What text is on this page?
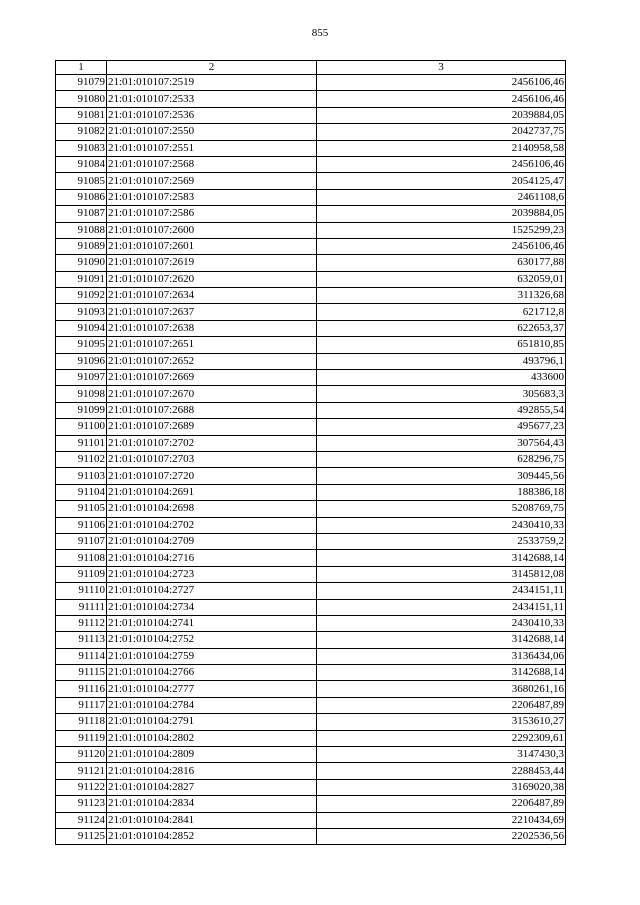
855
1	2	3
91079	21:01:010107:2519	2456106,46
91080	21:01:010107:2533	2456106,46
91081	21:01:010107:2536	2039884,05
91082	21:01:010107:2550	2042737,75
91083	21:01:010107:2551	2140958,58
91084	21:01:010107:2568	2456106,46
91085	21:01:010107:2569	2054125,47
91086	21:01:010107:2583	2461108,6
91087	21:01:010107:2586	2039884,05
91088	21:01:010107:2600	1525299,23
91089	21:01:010107:2601	2456106,46
91090	21:01:010107:2619	630177,88
91091	21:01:010107:2620	632059,01
91092	21:01:010107:2634	311326,68
91093	21:01:010107:2637	621712,8
91094	21:01:010107:2638	622653,37
91095	21:01:010107:2651	651810,85
91096	21:01:010107:2652	493796,1
91097	21:01:010107:2669	433600
91098	21:01:010107:2670	305683,3
91099	21:01:010107:2688	492855,54
91100	21:01:010107:2689	495677,23
91101	21:01:010107:2702	307564,43
91102	21:01:010107:2703	628296,75
91103	21:01:010107:2720	309445,56
91104	21:01:010104:2691	188386,18
91105	21:01:010104:2698	5208769,75
91106	21:01:010104:2702	2430410,33
91107	21:01:010104:2709	2533759,2
91108	21:01:010104:2716	3142688,14
91109	21:01:010104:2723	3145812,08
91110	21:01:010104:2727	2434151,11
91111	21:01:010104:2734	2434151,11
91112	21:01:010104:2741	2430410,33
91113	21:01:010104:2752	3142688,14
91114	21:01:010104:2759	3136434,06
91115	21:01:010104:2766	3142688,14
91116	21:01:010104:2777	3680261,16
91117	21:01:010104:2784	2206487,89
91118	21:01:010104:2791	3153610,27
91119	21:01:010104:2802	2292309,61
91120	21:01:010104:2809	3147430,3
91121	21:01:010104:2816	2288453,44
91122	21:01:010104:2827	3169020,38
91123	21:01:010104:2834	2206487,89
91124	21:01:010104:2841	2210434,69
91125	21:01:010104:2852	2202536,56
